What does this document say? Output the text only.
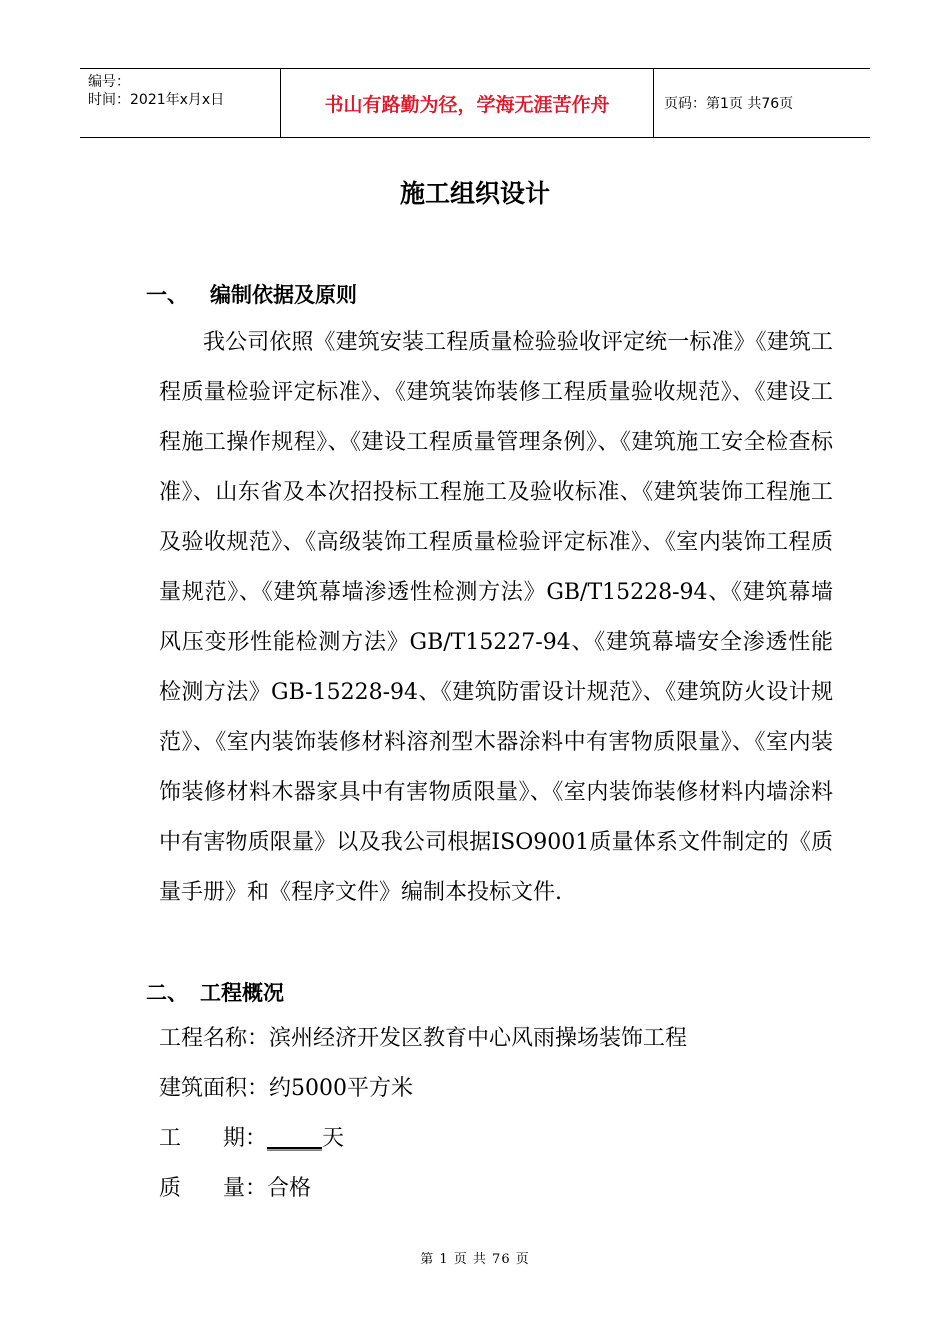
编号：
时间：2021年x月x日	书山有路勤为径，学海无涯苦作舟	页码：第1页 共76页
施工组织设计
一、 编制依据及原则
我公司依照《建筑安装工程质量检验验收评定统一标准》《建筑工程质量检验评定标准》、《建筑装饰装修工程质量验收规范》、《建设工程施工操作规程》、《建设工程质量管理条例》、《建筑施工安全检查标准》、山东省及本次招投标工程施工及验收标准、《建筑装饰工程施工及验收规范》、《高级装饰工程质量检验评定标准》、《室内装饰工程质量规范》、《建筑幕墙渗透性检测方法》GB/T15228-94、《建筑幕墙风压变形性能检测方法》GB/T15227-94、《建筑幕墙安全渗透性能检测方法》GB-15228-94、《建筑防雷设计规范》、《建筑防火设计规范》、《室内装饰装修材料溶剂型木器涂料中有害物质限量》、《室内装饰装修材料木器家具中有害物质限量》、《室内装饰装修材料内墙涂料中有害物质限量》以及我公司根据ISO9001质量体系文件制定的《质量手册》和《程序文件》编制本投标文件.
二、 工程概况
工程名称：滨州经济开发区教育中心风雨操场装饰工程
建筑面积：约5000平方米
工      期：_____天
质      量：合格
第 1 页 共 76 页
